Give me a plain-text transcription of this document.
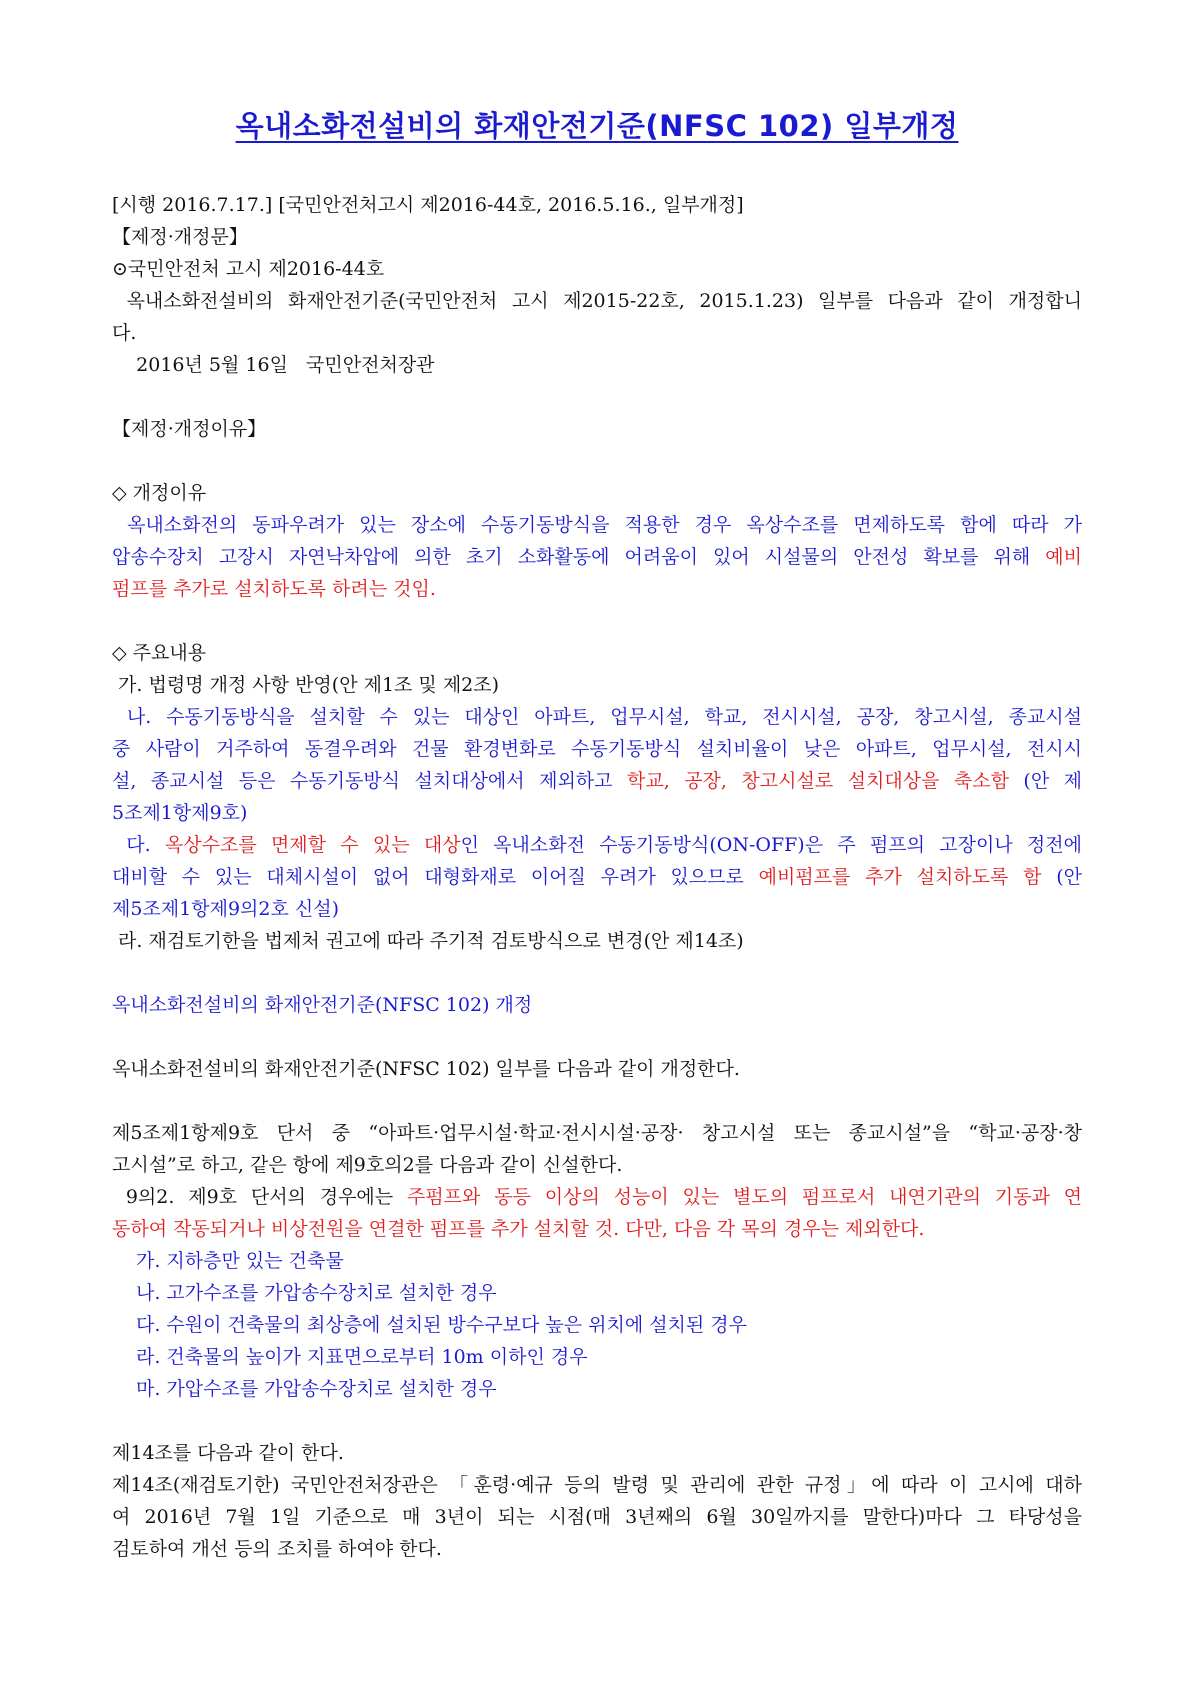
옥내소화전설비의 화재안전기준(NFSC 102) 일부개정
[시행 2016.7.17.] [국민안전처고시 제2016-44호, 2016.5.16., 일부개정]
【제정·개정문】
⊙국민안전처 고시 제2016-44호
옥내소화전설비의 화재안전기준(국민안전처 고시 제2015-22호, 2015.1.23) 일부를 다음과 같이 개정합니
다.
2016년 5월 16일   국민안전처장관
【제정·개정이유】
◇ 개정이유
옥내소화전의 동파우려가 있는 장소에 수동기동방식을 적용한 경우 옥상수조를 면제하도록 함에 따라 가
압송수장치 고장시 자연낙차압에 의한 초기 소화활동에 어려움이 있어 시설물의 안전성 확보를 위해 예비
펌프를 추가로 설치하도록 하려는 것임.
◇ 주요내용
가. 법령명 개정 사항 반영(안 제1조 및 제2조)
나. 수동기동방식을 설치할 수 있는 대상인 아파트, 업무시설, 학교, 전시시설, 공장, 창고시설, 종교시설
중 사람이 거주하여 동결우려와 건물 환경변화로 수동기동방식 설치비율이 낮은 아파트, 업무시설, 전시시
설, 종교시설 등은 수동기동방식 설치대상에서 제외하고 학교, 공장, 창고시설로 설치대상을 축소함 (안 제
5조제1항제9호)
다. 옥상수조를 면제할 수 있는 대상인 옥내소화전 수동기동방식(ON-OFF)은 주 펌프의 고장이나 정전에
대비할 수 있는 대체시설이 없어 대형화재로 이어질 우려가 있으므로 예비펌프를 추가 설치하도록 함 (안
제5조제1항제9의2호 신설)
라. 재검토기한을 법제처 권고에 따라 주기적 검토방식으로 변경(안 제14조)
옥내소화전설비의 화재안전기준(NFSC 102) 개정
옥내소화전설비의 화재안전기준(NFSC 102) 일부를 다음과 같이 개정한다.
제5조제1항제9호 단서 중 “아파트·업무시설·학교·전시시설·공장· 창고시설 또는 종교시설”을 “학교·공장·창
고시설”로 하고, 같은 항에 제9호의2를 다음과 같이 신설한다.
9의2. 제9호 단서의 경우에는 주펌프와 동등 이상의 성능이 있는 별도의 펌프로서 내연기관의 기동과 연
동하여 작동되거나 비상전원을 연결한 펌프를 추가 설치할 것. 다만, 다음 각 목의 경우는 제외한다.
가. 지하층만 있는 건축물
나. 고가수조를 가압송수장치로 설치한 경우
다. 수원이 건축물의 최상층에 설치된 방수구보다 높은 위치에 설치된 경우
라. 건축물의 높이가 지표면으로부터 10m 이하인 경우
마. 가압수조를 가압송수장치로 설치한 경우
제14조를 다음과 같이 한다.
제14조(재검토기한) 국민안전처장관은 「훈령·예규 등의 발령 및 관리에 관한 규정」에 따라 이 고시에 대하
여 2016년 7월 1일 기준으로 매 3년이 되는 시점(매 3년째의 6월 30일까지를 말한다)마다 그 타당성을
검토하여 개선 등의 조치를 하여야 한다.
